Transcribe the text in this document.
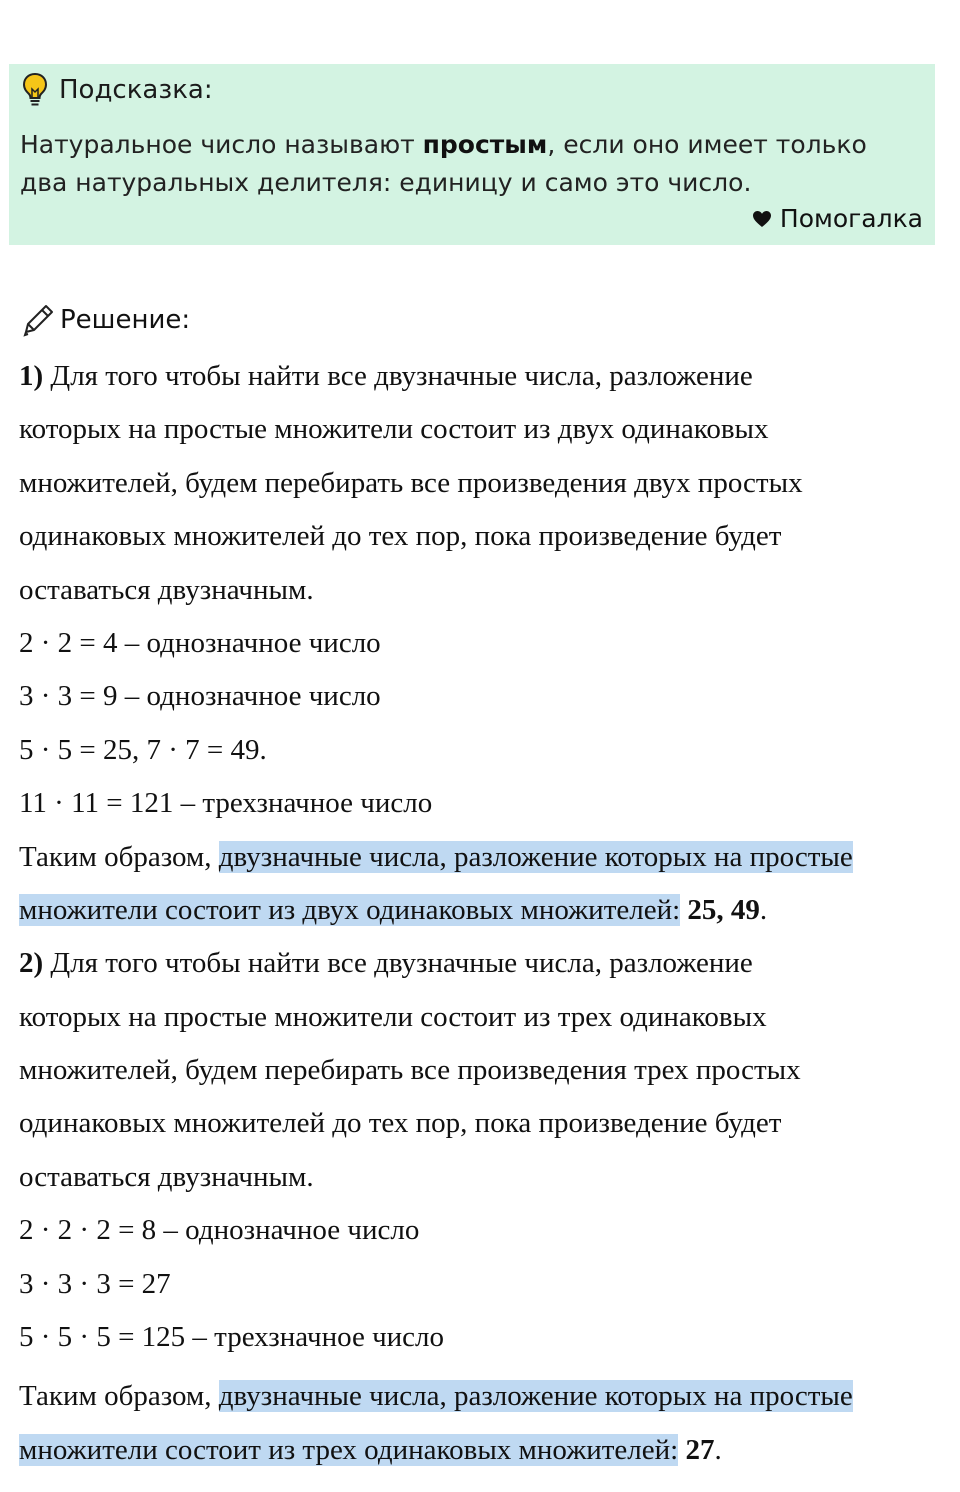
Подсказка:
Натуральное число называют простым, если оно имеет только два натуральных делителя: единицу и само это число.
Помогалка
Решение:
1) Для того чтобы найти все двузначные числа, разложение
которых на простые множители состоит из двух одинаковых
множителей, будем перебирать все произведения двух простых
одинаковых множителей до тех пор, пока произведение будет
оставаться двузначным.
2 · 2 = 4 – однозначное число
3 · 3 = 9 – однозначное число
5 · 5 = 25, 7 · 7 = 49.
11 · 11 = 121 – трехзначное число
Таким образом, двузначные числа, разложение которых на простые
множители состоит из двух одинаковых множителей: 25, 49.
2) Для того чтобы найти все двузначные числа, разложение
которых на простые множители состоит из трех одинаковых
множителей, будем перебирать все произведения трех простых
одинаковых множителей до тех пор, пока произведение будет
оставаться двузначным.
2 · 2 · 2 = 8 – однозначное число
3 · 3 · 3 = 27
5 · 5 · 5 = 125 – трехзначное число
Таким образом, двузначные числа, разложение которых на простые
множители состоит из трех одинаковых множителей: 27.
